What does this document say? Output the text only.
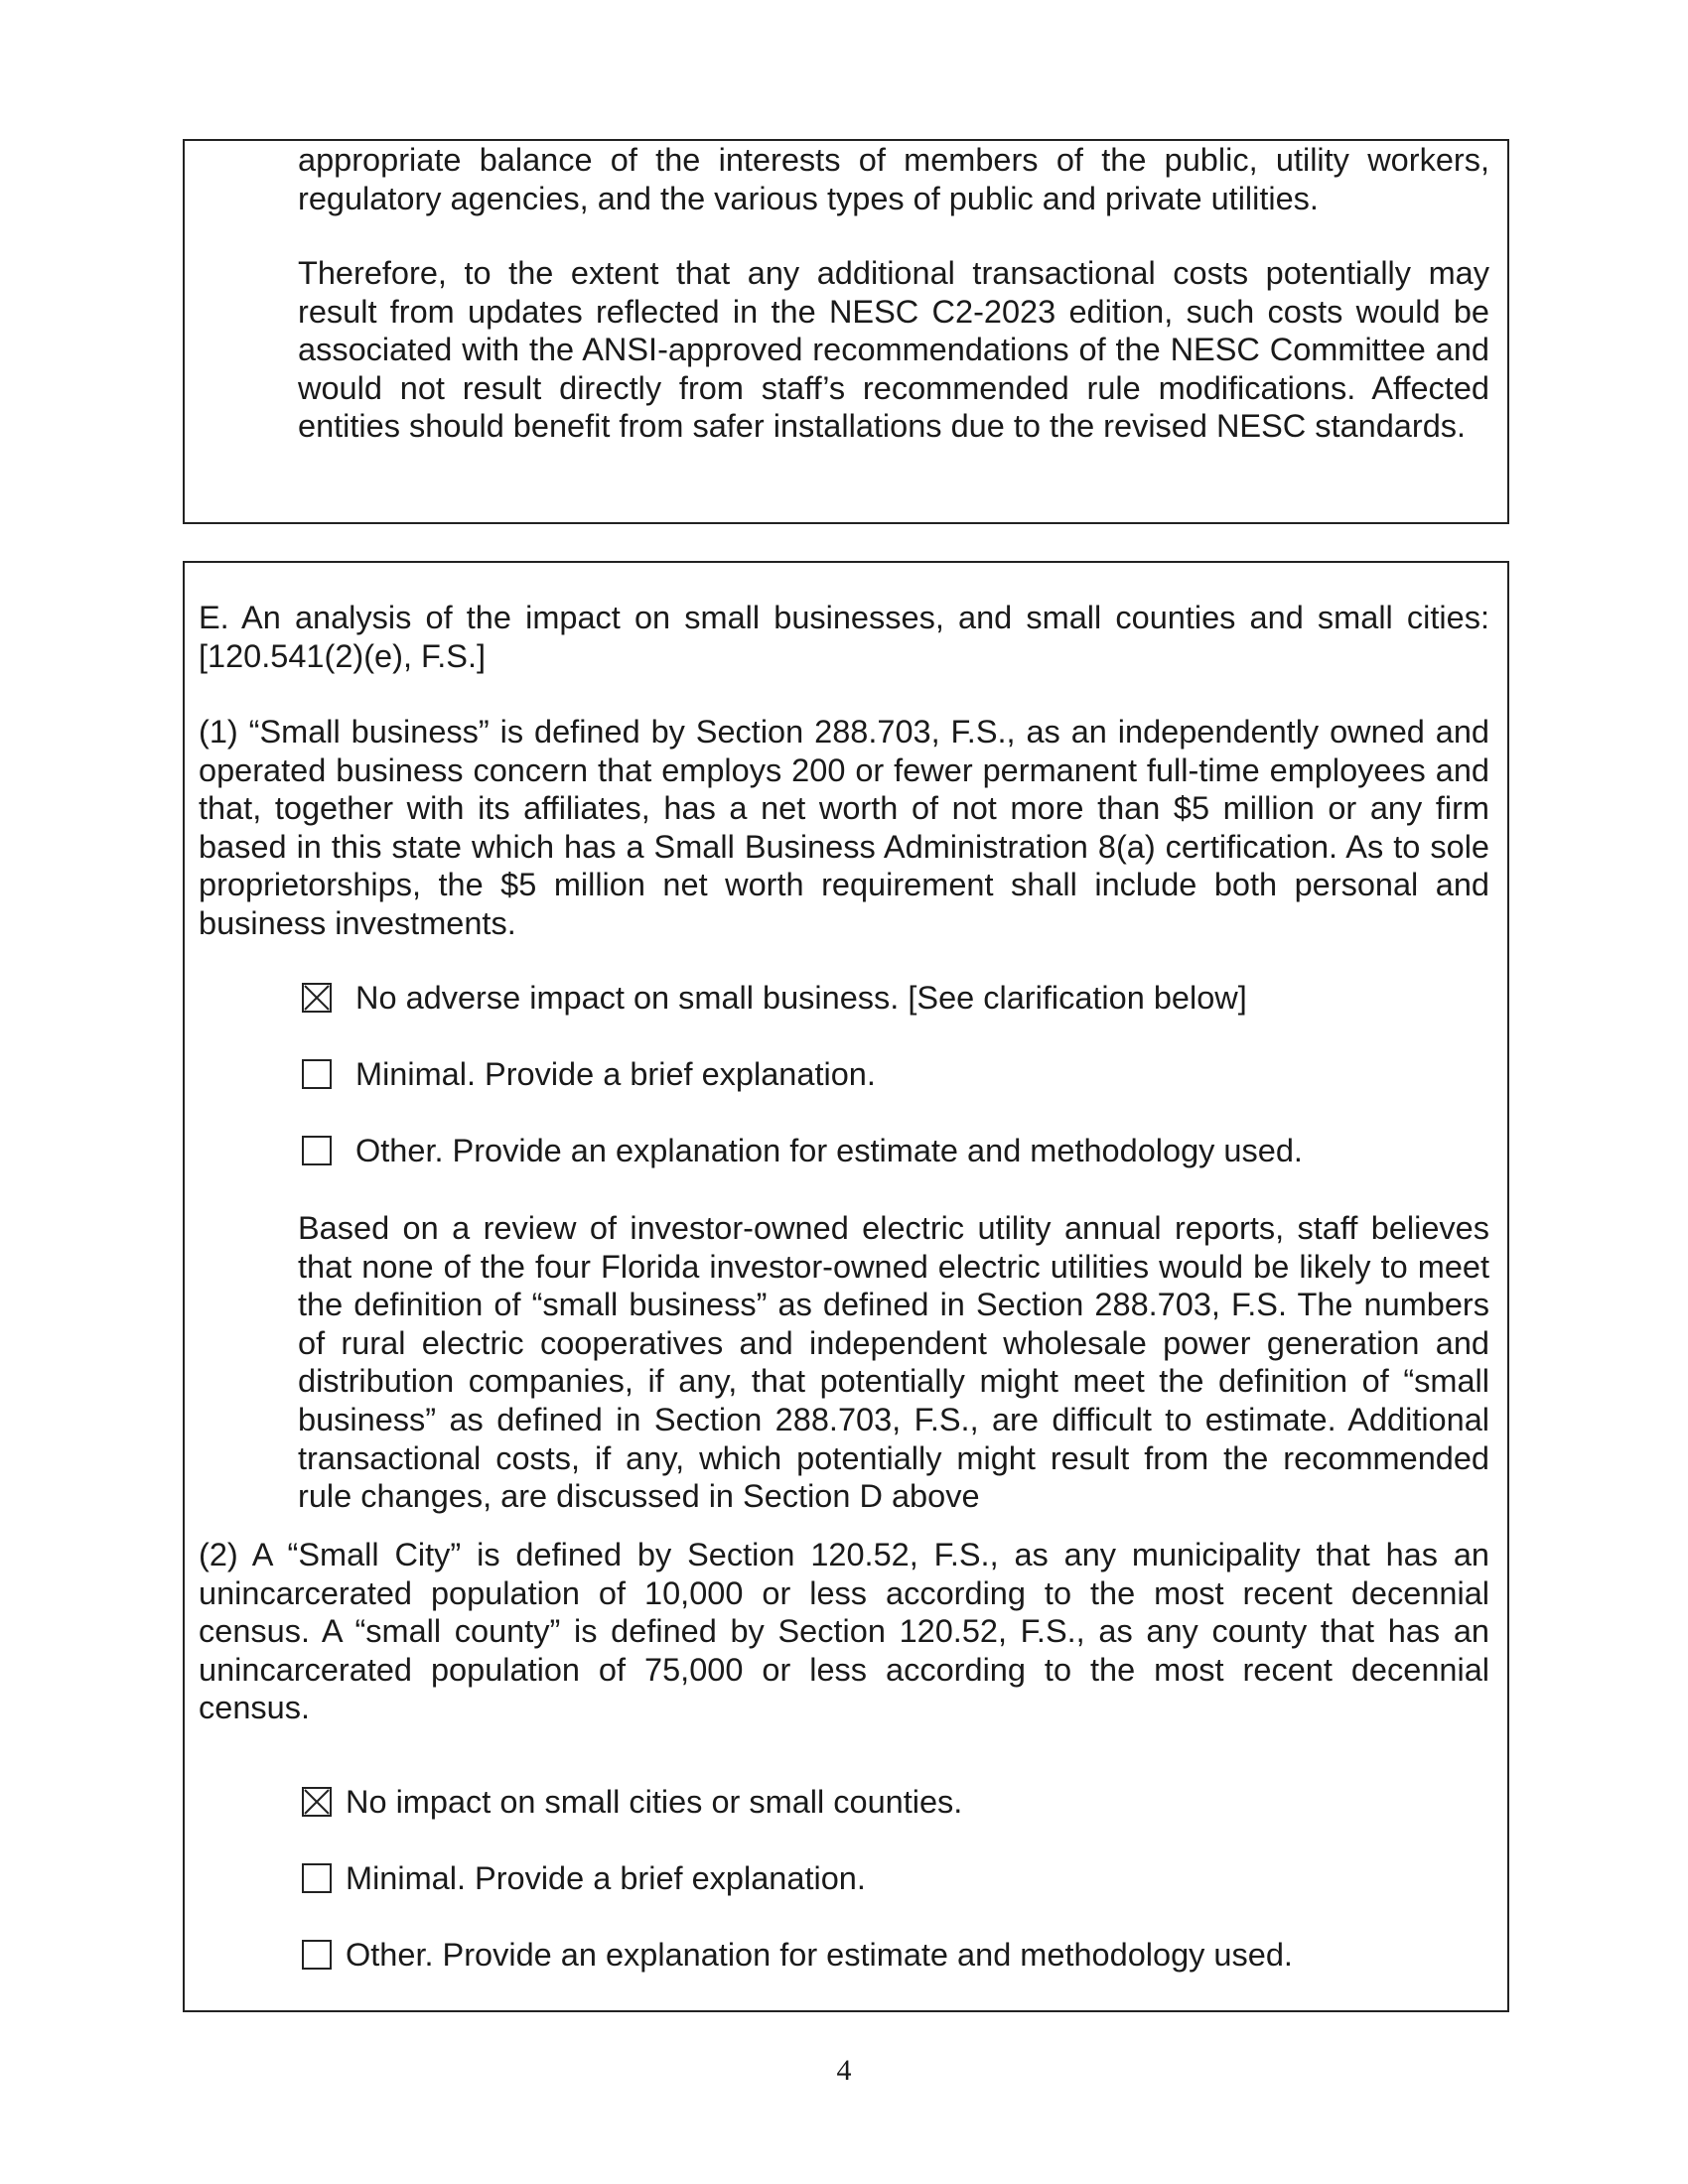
appropriate balance of the interests of members of the public, utility workers, regulatory agencies, and the various types of public and private utilities.

Therefore, to the extent that any additional transactional costs potentially may result from updates reflected in the NESC C2-2023 edition, such costs would be associated with the ANSI-approved recommendations of the NESC Committee and would not result directly from staff’s recommended rule modifications. Affected entities should benefit from safer installations due to the revised NESC standards.

E. An analysis of the impact on small businesses, and small counties and small cities: [120.541(2)(e), F.S.]

(1) “Small business” is defined by Section 288.703, F.S., as an independently owned and operated business concern that employs 200 or fewer permanent full-time employees and that, together with its affiliates, has a net worth of not more than $5 million or any firm based in this state which has a Small Business Administration 8(a) certification. As to sole proprietorships, the $5 million net worth requirement shall include both personal and business investments.

No adverse impact on small business. [See clarification below]
Minimal. Provide a brief explanation.
Other. Provide an explanation for estimate and methodology used.

Based on a review of investor-owned electric utility annual reports, staff believes that none of the four Florida investor-owned electric utilities would be likely to meet the definition of “small business” as defined in Section 288.703, F.S. The numbers of rural electric cooperatives and independent wholesale power generation and distribution companies, if any, that potentially might meet the definition of “small business” as defined in Section 288.703, F.S., are difficult to estimate. Additional transactional costs, if any, which potentially might result from the recommended rule changes, are discussed in Section D above

(2) A “Small City” is defined by Section 120.52, F.S., as any municipality that has an unincarcerated population of 10,000 or less according to the most recent decennial census. A “small county” is defined by Section 120.52, F.S., as any county that has an unincarcerated population of 75,000 or less according to the most recent decennial census.

No impact on small cities or small counties.
Minimal. Provide a brief explanation.
Other. Provide an explanation for estimate and methodology used.
4
